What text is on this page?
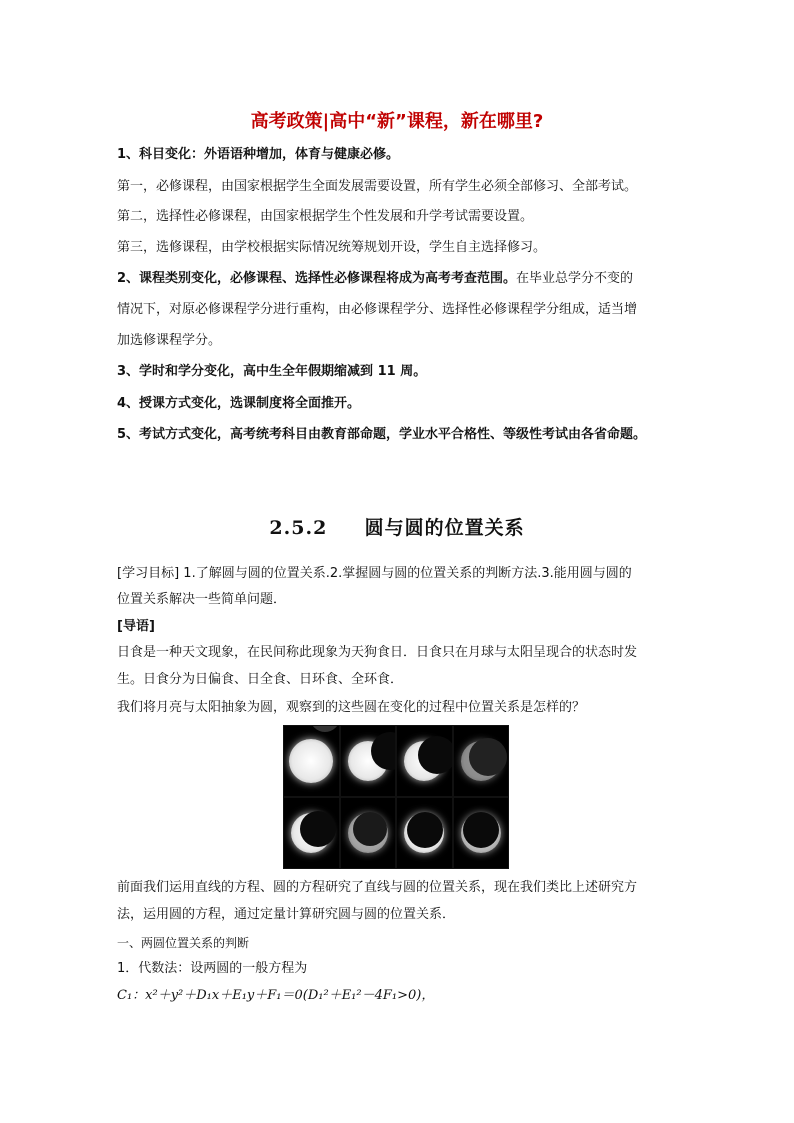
高考政策|高中“新”课程，新在哪里?
1、科目变化：外语语种增加，体育与健康必修。
第一，必修课程，由国家根据学生全面发展需要设置，所有学生必须全部修习、全部考试。
第二，选择性必修课程，由国家根据学生个性发展和升学考试需要设置。
第三，选修课程，由学校根据实际情况统筹规划开设，学生自主选择修习。
2、课程类别变化，必修课程、选择性必修课程将成为高考考查范围。在毕业总学分不变的
情况下，对原必修课程学分进行重构，由必修课程学分、选择性必修课程学分组成，适当增
加选修课程学分。
3、学时和学分变化，高中生全年假期缩减到 11 周。
4、授课方式变化，选课制度将全面推开。
5、考试方式变化，高考统考科目由教育部命题，学业水平合格性、等级性考试由各省命题。
2.5.2 圆与圆的位置关系
[学习目标] 1.了解圆与圆的位置关系.2.掌握圆与圆的位置关系的判断方法.3.能用圆与圆的
位置关系解决一些简单问题．
[导语]
日食是一种天文现象，在民间称此现象为天狗食日．日食只在月球与太阳呈现合的状态时发
生。日食分为日偏食、日全食、日环食、全环食．
我们将月亮与太阳抽象为圆，观察到的这些圆在变化的过程中位置关系是怎样的？
前面我们运用直线的方程、圆的方程研究了直线与圆的位置关系，现在我们类比上述研究方
法，运用圆的方程，通过定量计算研究圆与圆的位置关系．
一、两圆位置关系的判断
1．代数法：设两圆的一般方程为
C₁：x²＋y²＋D₁x＋E₁y＋F₁＝0(D₁²＋E₁²－4F₁>0)，
